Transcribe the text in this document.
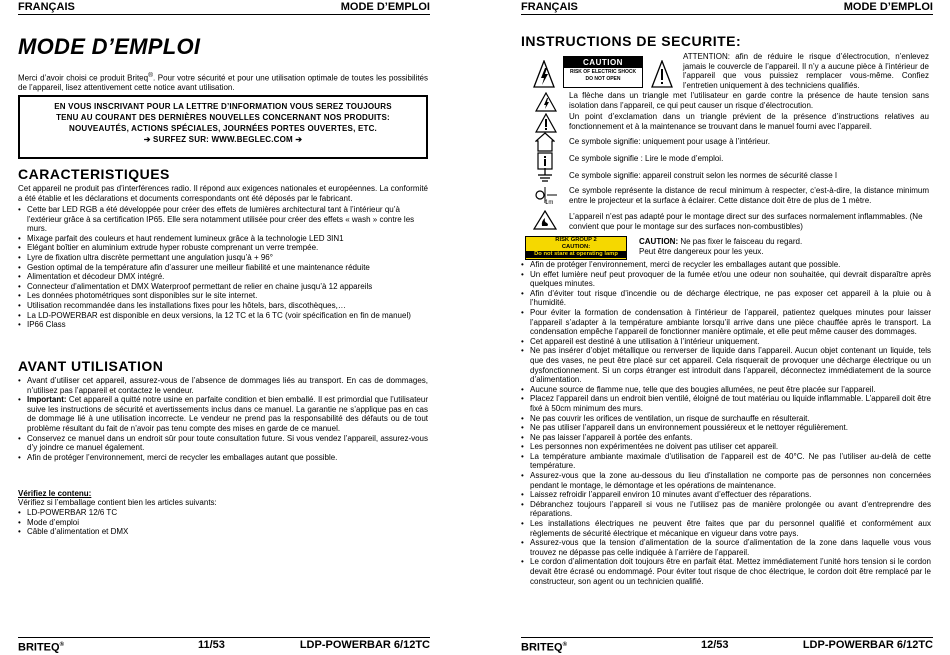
FRANÇAIS	MODE D’EMPLOI
MODE D’EMPLOI
Merci d’avoir choisi ce produit Briteq®. Pour votre sécurité et pour une utilisation optimale de toutes les possibilités de l’appareil, lisez attentivement cette notice avant utilisation.
EN VOUS INSCRIVANT POUR LA LETTRE D’INFORMATION VOUS SEREZ TOUJOURS
TENU AU COURANT DES DERNIÈRES NOUVELLES CONCERNANT NOS PRODUITS:
NOUVEAUTÉS, ACTIONS SPÉCIALES, JOURNÉES PORTES OUVERTES, ETC.
➔ SURFEZ SUR: WWW.BEGLEC.COM ➔
CARACTERISTIQUES
Cet appareil ne produit pas d’interférences radio. Il répond aux exigences nationales et européennes. La conformité a été établie et les déclarations et documents correspondants ont été déposés par le fabricant.
• Cette bar LED RGB a été développée pour créer des effets de lumières architectural tant à l’intérieur qu’à l’extérieur grâce à sa certification IP65. Elle sera notamment utilisée pour créer des effets « wash » contre les murs.
• Mixage parfait des couleurs et haut rendement lumineux grâce à la technologie LED 3IN1
• Elégant boîtier en aluminium extrude hyper robuste comprenant un verre trempée.
• Lyre de fixation ultra discrète permettant une angulation jusqu’à + 96°
• Gestion optimal de la température afin d’assurer une meilleur fiabilité et une maintenance réduite
• Alimentation et décodeur DMX intégré.
• Connecteur d’alimentation et DMX Waterproof permettant de relier en chaine jusqu’à 12 appareils
• Les données photométriques sont disponibles sur le site internet.
• Utilisation recommandée dans les installations fixes pour les hôtels, bars, discothèques,…
• La LD-POWERBAR est disponible en deux versions, la 12 TC et la 6 TC (voir spécification en fin de manuel)
• IP66 Class
AVANT UTILISATION
• Avant d’utiliser cet appareil, assurez-vous de l’absence de dommages liés au transport. En cas de dommages, n’utilisez pas l’appareil et contactez le vendeur.
• Important: Cet appareil a quitté notre usine en parfaite condition et bien emballé. Il est primordial que l’utilisateur suive les instructions de sécurité et avertissements inclus dans ce manuel. La garantie ne s’applique pas en cas de dommage lié à une utilisation incorrecte. Le vendeur ne prend pas la responsabilité des défauts ou de tout problème résultant du fait de n’avoir pas tenu compte des mises en garde de ce manuel.
• Conservez ce manuel dans un endroit sûr pour toute consultation future. Si vous vendez l’appareil, assurez-vous d’y joindre ce manuel également.
• Afin de protéger l’environnement, merci de recycler les emballages autant que possible.
Vérifiez le contenu:
Vérifiez si l’emballage contient bien les articles suivants:
• LD-POWERBAR 12/6 TC
• Mode d’emploi
• Câble d’alimentation et DMX
BRITEQ®	11/53	LDP-POWERBAR 6/12TC
FRANÇAIS	MODE D’EMPLOI
INSTRUCTIONS DE SECURITE:
CAUTION
RISK OF ELECTRIC SHOCK
DO NOT OPEN
ATTENTION: afin de réduire le risque d’électrocution, n’enlevez jamais le couvercle de l’appareil. Il n’y a aucune pièce à l’intérieur de l’appareil que vous puissiez remplacer vous-même. Confiez l’entretien uniquement à des techniciens qualifiés.
La flèche dans un triangle met l’utilisateur en garde contre la présence de haute tension sans isolation dans l’appareil, ce qui peut causer un risque d’électrocution.
Un point d’exclamation dans un triangle prévient de la présence d’instructions relatives au fonctionnement et à la maintenance se trouvant dans le manuel fourni avec l’appareil.
Ce symbole signifie: uniquement pour usage à l’intérieur.
Ce symbole signifie : Lire le mode d’emploi.
Ce symbole signifie: appareil construit selon les normes de sécurité classe I
1m
Ce symbole représente la distance de recul minimum à respecter, c’est-à-dire, la distance minimum entre le projecteur et la surface à éclairer. Cette distance doit être de plus de 1 mètre.
L’appareil n’est pas adapté pour le montage direct sur des surfaces normalement inflammables. (Ne convient que pour le montage sur des surfaces non-combustibles)
RISK GROUP 2
CAUTION:
Do not stare at operating lamp
CAUTION: Ne pas fixer le faisceau du regard. Peut être dangereux pour les yeux.
• Afin de protéger l’environnement, merci de recycler les emballages autant que possible.
• Un effet lumière neuf peut provoquer de la fumée et/ou une odeur non souhaitée, qui devrait disparaître après quelques minutes.
• Afin d’éviter tout risque d’incendie ou de décharge électrique, ne pas exposer cet appareil à la pluie ou à l’humidité.
• Pour éviter la formation de condensation à l’intérieur de l’appareil, patientez quelques minutes pour laisser l’appareil s’adapter à la température ambiante lorsqu’il arrive dans une pièce chauffée après le transport. La condensation empêche l’appareil de fonctionner manière optimale, et elle peut même causer des dommages.
• Cet appareil est destiné à une utilisation à l’intérieur uniquement.
• Ne pas insérer d’objet métallique ou renverser de liquide dans l’appareil. Aucun objet contenant un liquide, tels que des vases, ne peut être placé sur cet appareil. Cela risquerait de provoquer une décharge électrique ou un dysfonctionnement. Si un corps étranger est introduit dans l’appareil, déconnectez immédiatement de la source d’alimentation.
• Aucune source de flamme nue, telle que des bougies allumées, ne peut être placée sur l’appareil.
• Placez l’appareil dans un endroit bien ventilé, éloigné de tout matériau ou liquide inflammable. L’appareil doit être fixé à 50cm minimum des murs.
• Ne pas couvrir les orifices de ventilation, un risque de surchauffe en résulterait.
• Ne pas utiliser l’appareil dans un environnement poussiéreux et le nettoyer régulièrement.
• Ne pas laisser l’appareil à portée des enfants.
• Les personnes non expérimentées ne doivent pas utiliser cet appareil.
• La température ambiante maximale d’utilisation de l’appareil est de 40°C. Ne pas l’utiliser au-delà de cette température.
• Assurez-vous que la zone au-dessous du lieu d’installation ne comporte pas de personnes non concernées pendant le montage, le démontage et les opérations de maintenance.
• Laissez refroidir l’appareil environ 10 minutes avant d’effectuer des réparations.
• Débranchez toujours l’appareil si vous ne l’utilisez pas de manière prolongée ou avant d’entreprendre des réparations.
• Les installations électriques ne peuvent être faites que par du personnel qualifié et conformément aux règlements de sécurité électrique et mécanique en vigueur dans votre pays.
• Assurez-vous que la tension d’alimentation de la source d’alimentation de la zone dans laquelle vous vous trouvez ne dépasse pas celle indiquée à l’arrière de l’appareil.
• Le cordon d’alimentation doit toujours être en parfait état. Mettez immédiatement l’unité hors tension si le cordon devait être écrasé ou endommagé. Pour éviter tout risque de choc électrique, le cordon doit être remplacé par le constructeur, son agent ou un technicien qualifié.
BRITEQ®	12/53	LDP-POWERBAR 6/12TC
